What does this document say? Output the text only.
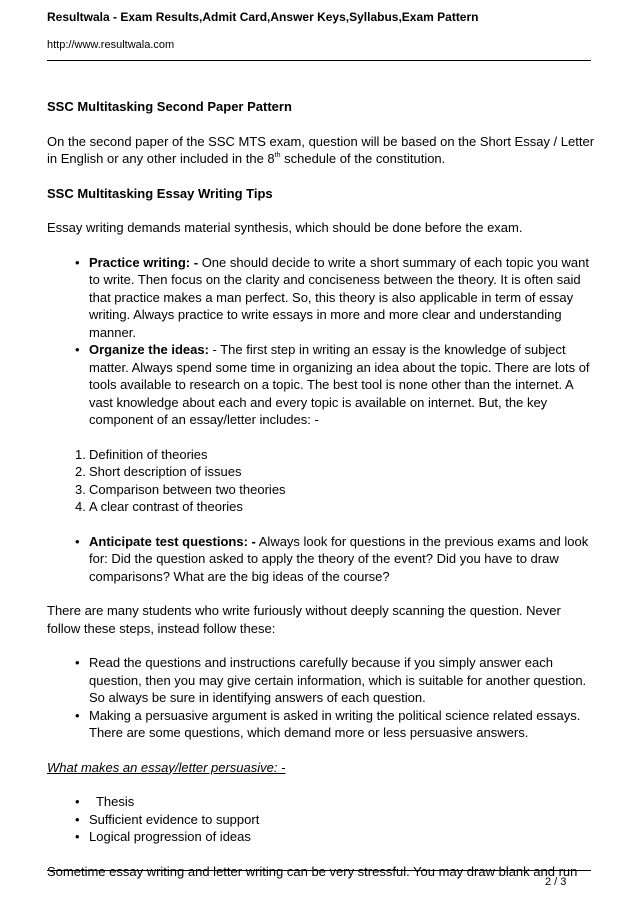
Resultwala - Exam Results,Admit Card,Answer Keys,Syllabus,Exam Pattern
http://www.resultwala.com

SSC Multitasking Second Paper Pattern

On the second paper of the SSC MTS exam, question will be based on the Short Essay / Letter
in English or any other included in the 8th schedule of the constitution.

SSC Multitasking Essay Writing Tips

Essay writing demands material synthesis, which should be done before the exam.

• Practice writing: - One should decide to write a short summary of each topic you want to write. Then focus on the clarity and conciseness between the theory. It is often said that practice makes a man perfect. So, this theory is also applicable in term of essay writing. Always practice to write essays in more and more clear and understanding manner.
• Organize the ideas: - The first step in writing an essay is the knowledge of subject matter. Always spend some time in organizing an idea about the topic. There are lots of tools available to research on a topic. The best tool is none other than the internet. A vast knowledge about each and every topic is available on internet. But, the key component of an essay/letter includes: -
1. Definition of theories
2. Short description of issues
3. Comparison between two theories
4. A clear contrast of theories
• Anticipate test questions: - Always look for questions in the previous exams and look for: Did the question asked to apply the theory of the event? Did you have to draw comparisons? What are the big ideas of the course?

There are many students who write furiously without deeply scanning the question. Never follow these steps, instead follow these:

• Read the questions and instructions carefully because if you simply answer each question, then you may give certain information, which is suitable for another question. So always be sure in identifying answers of each question.
• Making a persuasive argument is asked in writing the political science related essays. There are some questions, which demand more or less persuasive answers.

What makes an essay/letter persuasive: -

• Thesis
• Sufficient evidence to support
• Logical progression of ideas

Sometime essay writing and letter writing can be very stressful. You may draw blank and run

2 / 3
